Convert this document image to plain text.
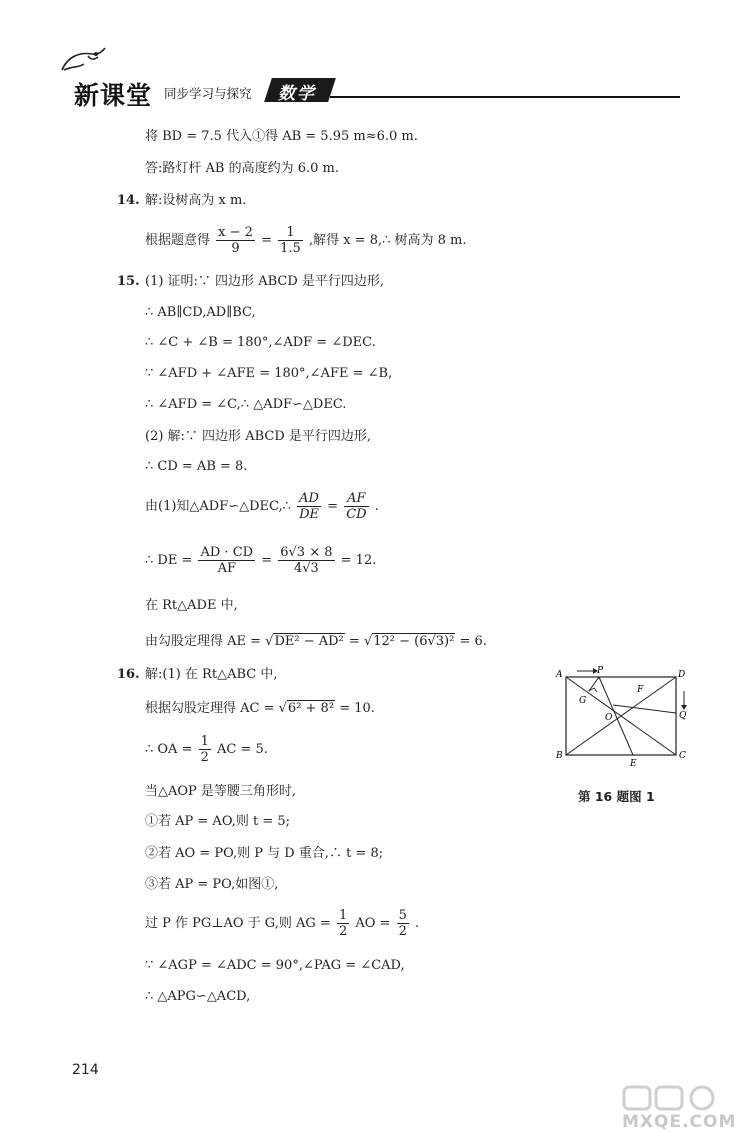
新课堂 同步学习与探究 数学
将 BD = 7.5 代入①得 AB = 5.95 m≈6.0 m.
答:路灯杆 AB 的高度约为 6.0 m.
14. 解:设树高为 x m.
根据题意得 $\frac{x - 2}{9} = \frac{1}{1.5}$ ,解得 x = 8,∴ 树高为 8 m.
15. (1) 证明:∵ 四边形 ABCD 是平行四边形,
∴ AB∥CD,AD∥BC,
∴ ∠C + ∠B = 180°,∠ADF = ∠DEC.
∵ ∠AFD + ∠AFE = 180°,∠AFE = ∠B,
∴ ∠AFD = ∠C,∴ △ADF∽△DEC.
(2) 解:∵ 四边形 ABCD 是平行四边形,
∴ CD = AB = 8.
由(1)知△ADF∽△DEC,∴ $\frac{AD}{DE} = \frac{AF}{CD}$ .
∴ DE = $\frac{AD \cdot CD}{AF} = \frac{6√3 \times 8}{4√3} = 12$.
在 Rt△ADE 中,
由勾股定理得 AE = √DE² − AD² = √12² − (6√3)² = 6.
16. 解:(1) 在 Rt△ABC 中,
根据勾股定理得 AC = √6² + 8² = 10.
∴ OA = $\frac{1}{2}$ AC = 5.
当△AOP 是等腰三角形时,
①若 AP = AO,则 t = 5;
②若 AO = PO,则 P 与 D 重合,∴ t = 8;
③若 AP = PO,如图①,
过 P 作 PG⊥AO 于 G,则 AG = $\frac{1}{2}$ AO = $\frac{5}{2}$ .
∵ ∠AGP = ∠ADC = 90°,∠PAG = ∠CAD,
∴ △APG∽△ACD,
A	P	D
G
F
O	Q
B
E
C
第 16 题图 1
214
MXQE.COM
